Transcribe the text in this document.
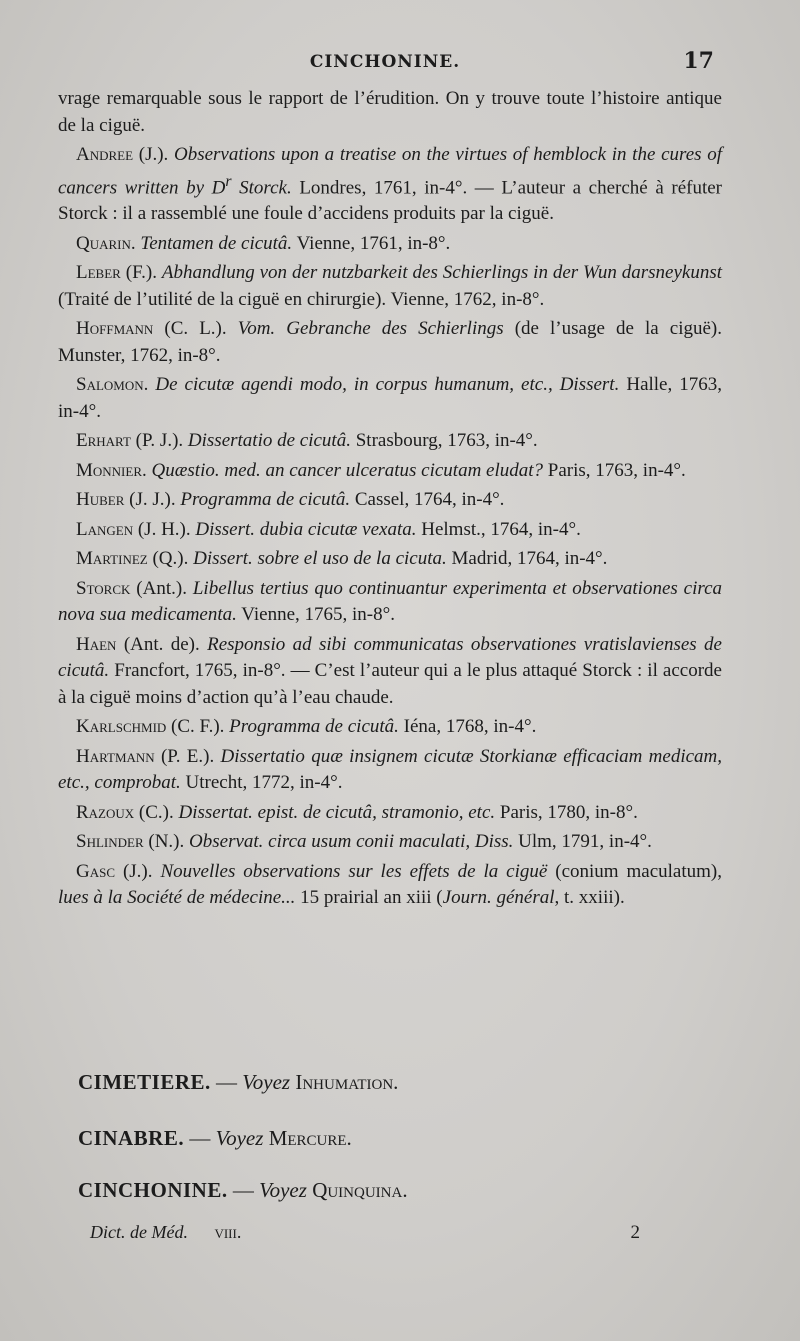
CINCHONINE.	17

vrage remarquable sous le rapport de l’érudition. On y trouve toute l’histoire antique de la ciguë.

Andree (J.). Observations upon a treatise on the virtues of hemblock in the cures of cancers written by $D^r$ Storck. Londres, 1761, in-4°. — L’auteur a cherché à réfuter Storck : il a rassemblé une foule d’accidens produits par la ciguë.

Quarin. Tentamen de cicutâ. Vienne, 1761, in-8°.

Leber (F.). Abhandlung von der nutzbarkeit des Schierlings in der Wun darsneykunst (Traité de l’utilité de la ciguë en chirurgie). Vienne, 1762, in-8°.

Hoffmann (C. L.). Vom. Gebranche des Schierlings (de l’usage de la ciguë). Munster, 1762, in-8°.

Salomon. De cicutæ agendi modo, in corpus humanum, etc., Dissert. Halle, 1763, in-4°.

Erhart (P. J.). Dissertatio de cicutâ. Strasbourg, 1763, in-4°.

Monnier. Quæstio. med. an cancer ulceratus cicutam eludat? Paris, 1763, in-4°.

Huber (J. J.). Programma de cicutâ. Cassel, 1764, in-4°.

Langen (J. H.). Dissert. dubia cicutæ vexata. Helmst., 1764, in-4°.

Martinez (Q.). Dissert. sobre el uso de la cicuta. Madrid, 1764, in-4°.

Storck (Ant.). Libellus tertius quo continuantur experimenta et observationes circa nova sua medicamenta. Vienne, 1765, in-8°.

Haen (Ant. de). Responsio ad sibi communicatas observationes vratislavienses de cicutâ. Francfort, 1765, in-8°. — C’est l’auteur qui a le plus attaqué Storck : il accorde à la ciguë moins d’action qu’à l’eau chaude.

Karlschmid (C. F.). Programma de cicutâ. Iéna, 1768, in-4°.

Hartmann (P. E.). Dissertatio quæ insignem cicutæ Storkianæ efficaciam medicam, etc., comprobat. Utrecht, 1772, in-4°.

Razoux (C.). Dissertat. epist. de cicutâ, stramonio, etc. Paris, 1780, in-8°.

Shlinder (N.). Observat. circa usum conii maculati, Diss. Ulm, 1791, in-4°.

Gasc (J.). Nouvelles observations sur les effets de la ciguë (conium maculatum), lues à la Société de médecine... 15 prairial an xiii (Journ. général, t. xxiii).

CIMETIERE. — Voyez Inhumation.
CINABRE. — Voyez Mercure.
CINCHONINE. — Voyez Quinquina.
Dict. de Méd. viii.	2
